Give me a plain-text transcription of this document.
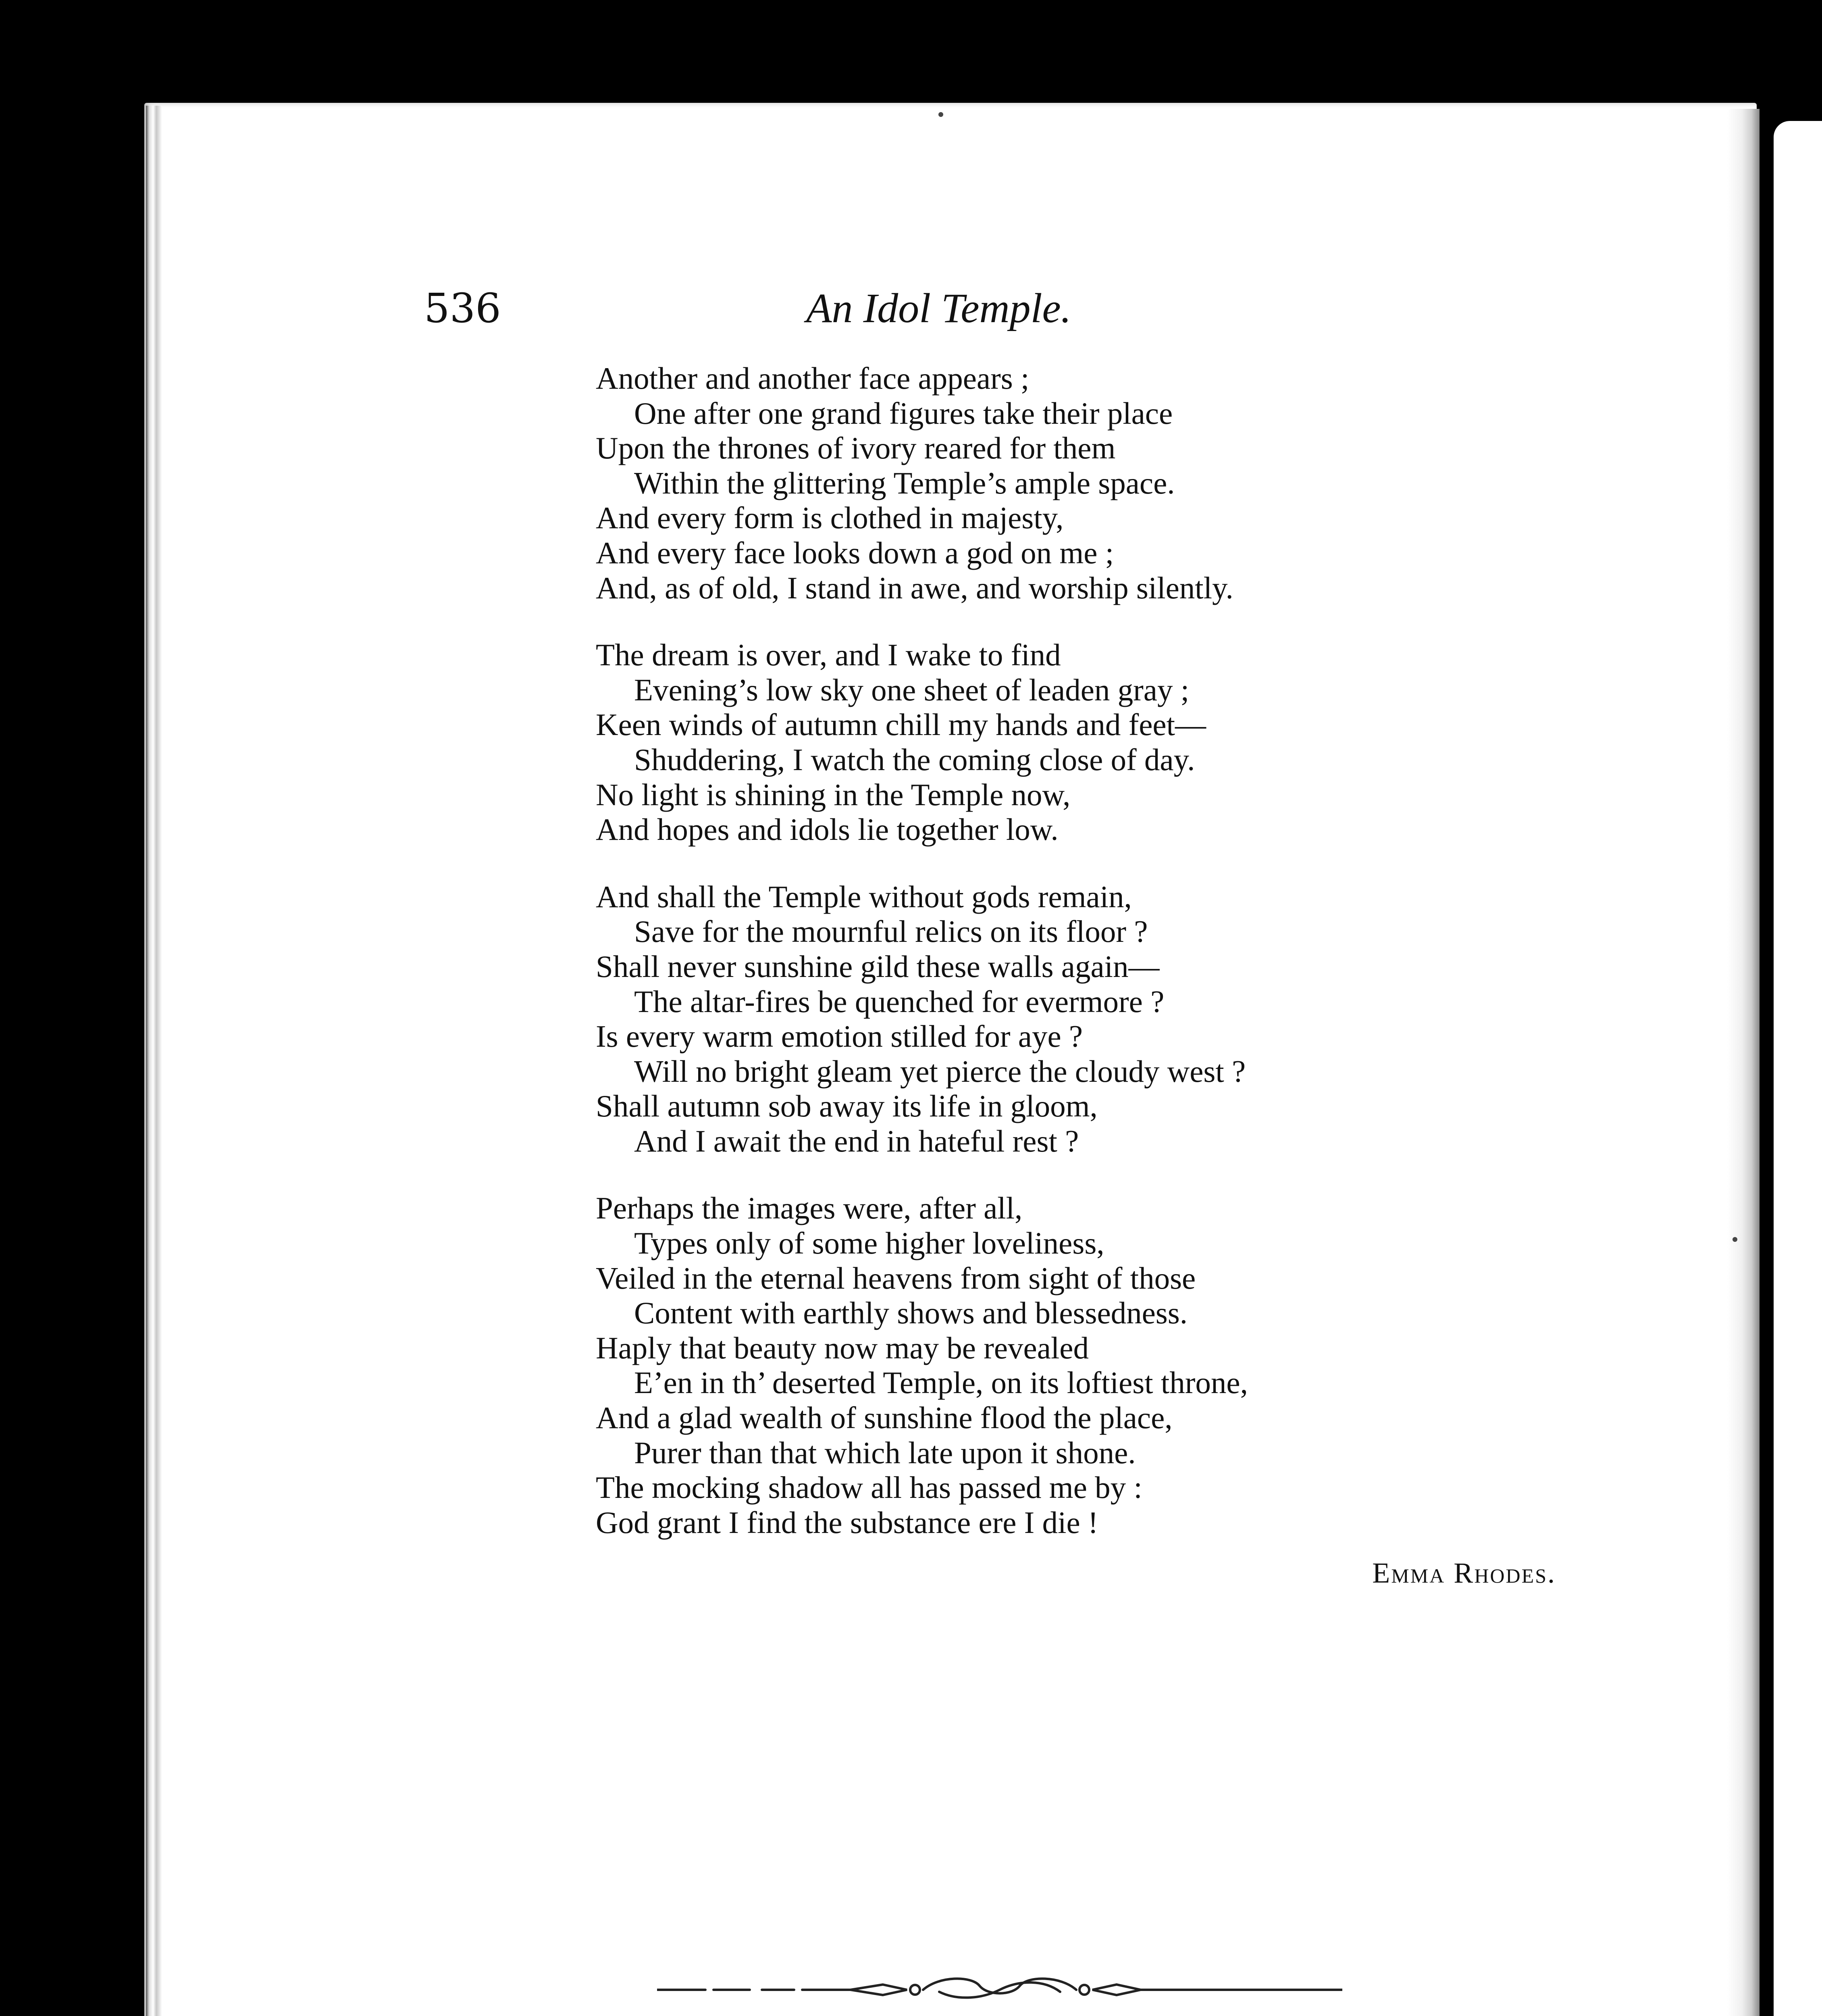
536	An Idol Temple.
Another and another face appears ;
One after one grand figures take their place
Upon the thrones of ivory reared for them
Within the glittering Temple’s ample space.
And every form is clothed in majesty,
And every face looks down a god on me ;
And, as of old, I stand in awe, and worship silently.
The dream is over, and I wake to find
Evening’s low sky one sheet of leaden gray ;
Keen winds of autumn chill my hands and feet—
Shuddering, I watch the coming close of day.
No light is shining in the Temple now,
And hopes and idols lie together low.
And shall the Temple without gods remain,
Save for the mournful relics on its floor ?
Shall never sunshine gild these walls again—
The altar-fires be quenched for evermore ?
Is every warm emotion stilled for aye ?
Will no bright gleam yet pierce the cloudy west ?
Shall autumn sob away its life in gloom,
And I await the end in hateful rest ?
Perhaps the images were, after all,
Types only of some higher loveliness,
Veiled in the eternal heavens from sight of those
Content with earthly shows and blessedness.
Haply that beauty now may be revealed
E’en in th’ deserted Temple, on its loftiest throne,
And a glad wealth of sunshine flood the place,
Purer than that which late upon it shone.
The mocking shadow all has passed me by :
God grant I find the substance ere I die !
Emma Rhodes.
